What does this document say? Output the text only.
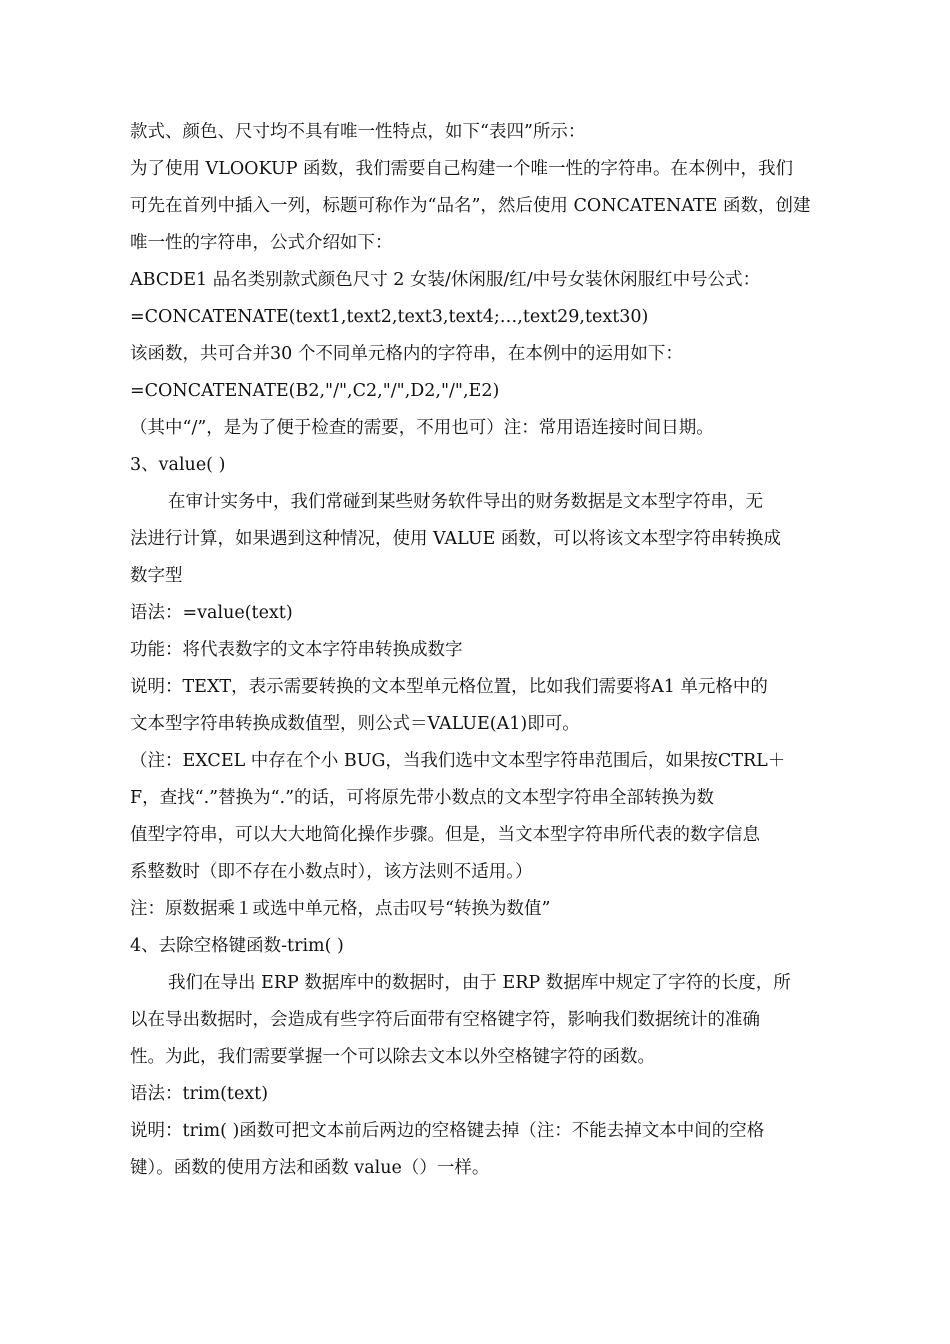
款式、颜色、尺寸均不具有唯一性特点，如下“表四”所示：
为了使用 VLOOKUP 函数，我们需要自己构建一个唯一性的字符串。在本例中，我们
可先在首列中插入一列，标题可称作为“品名”，然后使用 CONCATENATE 函数，创建
唯一性的字符串，公式介绍如下：
ABCDE1 品名类别款式颜色尺寸 2 女装/休闲服/红/中号女装休闲服红中号公式：
=CONCATENATE(text1,text2,text3,text4;…,text29,text30)
该函数，共可合并30 个不同单元格内的字符串，在本例中的运用如下：
=CONCATENATE(B2,"/",C2,"/",D2,"/",E2)
（其中“/”，是为了便于检查的需要，不用也可）注：常用语连接时间日期。
3、value( )
在审计实务中，我们常碰到某些财务软件导出的财务数据是文本型字符串，无
法进行计算，如果遇到这种情况，使用 VALUE 函数，可以将该文本型字符串转换成
数字型
语法：=value(text)
功能：将代表数字的文本字符串转换成数字
说明：TEXT，表示需要转换的文本型单元格位置，比如我们需要将A1 单元格中的
文本型字符串转换成数值型，则公式＝VALUE(A1)即可。
（注：EXCEL 中存在个小 BUG，当我们选中文本型字符串范围后，如果按CTRL＋
F，查找“.”替换为“.”的话，可将原先带小数点的文本型字符串全部转换为数
值型字符串，可以大大地简化操作步骤。但是，当文本型字符串所代表的数字信息
系整数时（即不存在小数点时），该方法则不适用。）
注：原数据乘１或选中单元格，点击叹号“转换为数值”
4、去除空格键函数-trim( )
我们在导出 ERP 数据库中的数据时，由于 ERP 数据库中规定了字符的长度，所
以在导出数据时，会造成有些字符后面带有空格键字符，影响我们数据统计的准确
性。为此，我们需要掌握一个可以除去文本以外空格键字符的函数。
语法：trim(text)
说明：trim( )函数可把文本前后两边的空格键去掉（注：不能去掉文本中间的空格
键）。函数的使用方法和函数 value（）一样。
